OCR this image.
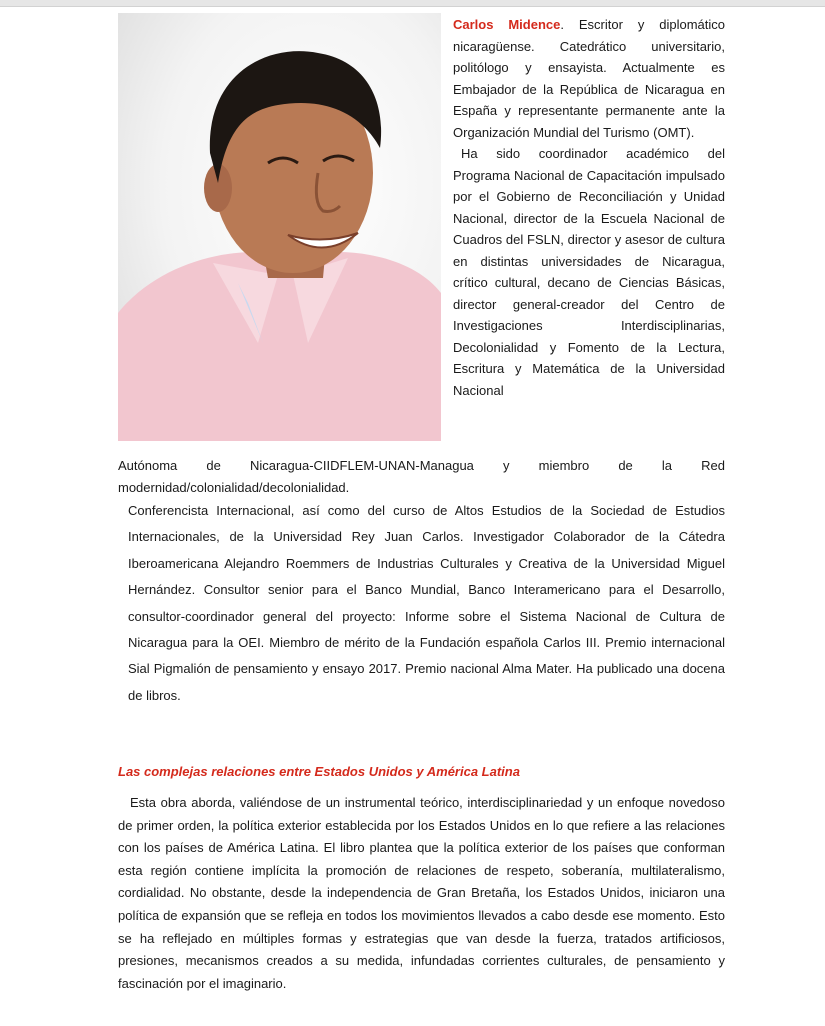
Carlos Midence. Escritor y diplomático nicaragüense. Catedrático universitario, politólogo y ensayista. Actualmente es Embajador de la República de Nicaragua en España y representante permanente ante la Organización Mundial del Turismo (OMT).

Ha sido coordinador académico del Programa Nacional de Capacitación impulsado por el Gobierno de Reconciliación y Unidad Nacional, director de la Escuela Nacional de Cuadros del FSLN, director y asesor de cultura en distintas universidades de Nicaragua, crítico cultural, decano de Ciencias Básicas, director general-creador del Centro de Investigaciones Interdisciplinarias, Decolonialidad y Fomento de la Lectura, Escritura y Matemática de la Universidad Nacional

Autónoma de Nicaragua-CIIDFLEM-UNAN-Managua y miembro de la Red modernidad/colonialidad/decolonialidad.

Conferencista Internacional, así como del curso de Altos Estudios de la Sociedad de Estudios Internacionales, de la Universidad Rey Juan Carlos. Investigador Colaborador de la Cátedra Iberoamericana Alejandro Roemmers de Industrias Culturales y Creativa de la Universidad Miguel Hernández. Consultor senior para el Banco Mundial, Banco Interamericano para el Desarrollo, consultor-coordinador general del proyecto: Informe sobre el Sistema Nacional de Cultura de Nicaragua para la OEI. Miembro de mérito de la Fundación española Carlos III. Premio internacional Sial Pigmalión de pensamiento y ensayo 2017. Premio nacional Alma Mater. Ha publicado una docena de libros.

Las complejas relaciones entre Estados Unidos y América Latina

Esta obra aborda, valiéndose de un instrumental teórico, interdisciplinariedad y un enfoque novedoso de primer orden, la política exterior establecida por los Estados Unidos en lo que refiere a las relaciones con los países de América Latina. El libro plantea que la política exterior de los países que conforman esta región contiene implícita la promoción de relaciones de respeto, soberanía, multilateralismo, cordialidad. No obstante, desde la independencia de Gran Bretaña, los Estados Unidos, iniciaron una política de expansión que se refleja en todos los movimientos llevados a cabo desde ese momento. Esto se ha reflejado en múltiples formas y estrategias que van desde la fuerza, tratados artificiosos, presiones, mecanismos creados a su medida, infundadas corrientes culturales, de pensamiento y fascinación por el imaginario.
